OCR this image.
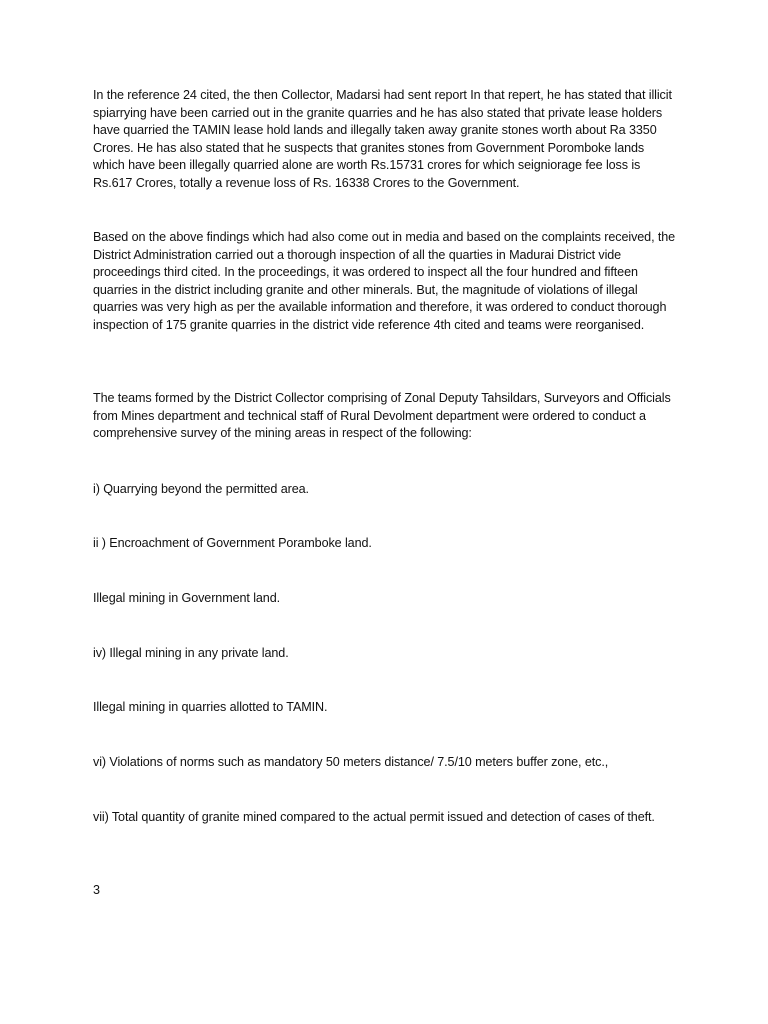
In the reference 24 cited, the then Collector, Madarsi had sent report In that repert, he has stated that illicit spiarrying have been carried out in the granite quarries and he has also stated that private lease holders have quarried the TAMIN lease hold lands and illegally taken away granite stones worth about Ra 3350 Crores. He has also stated that he suspects that granites stones from Government Poromboke lands which have been illegally quarried alone are worth Rs.15731 crores for which seigniorage fee loss is Rs.617 Crores, totally a revenue loss of Rs. 16338 Crores to the Government.

Based on the above findings which had also come out in media and based on the complaints received, the District Administration carried out a thorough inspection of all the quarties in Madurai District vide proceedings third cited. In the proceedings, it was ordered to inspect all the four hundred and fifteen quarries in the district including granite and other minerals. But, the magnitude of violations of illegal quarries was very high as per the available information and therefore, it was ordered to conduct thorough inspection of 175 granite quarries in the district vide reference 4th cited and teams were reorganised.

The teams formed by the District Collector comprising of Zonal Deputy Tahsildars, Surveyors and Officials from Mines department and technical staff of Rural Devolment department were ordered to conduct a comprehensive survey of the mining areas in respect of the following:

i) Quarrying beyond the permitted area.

ii ) Encroachment of Government Poramboke land.

Illegal mining in Government land.

iv) Illegal mining in any private land.

Illegal mining in quarries allotted to TAMIN.

vi) Violations of norms such as mandatory 50 meters distance/ 7.5/10 meters buffer zone, etc.,

vii) Total quantity of granite mined compared to the actual permit issued and detection of cases of theft.

3
